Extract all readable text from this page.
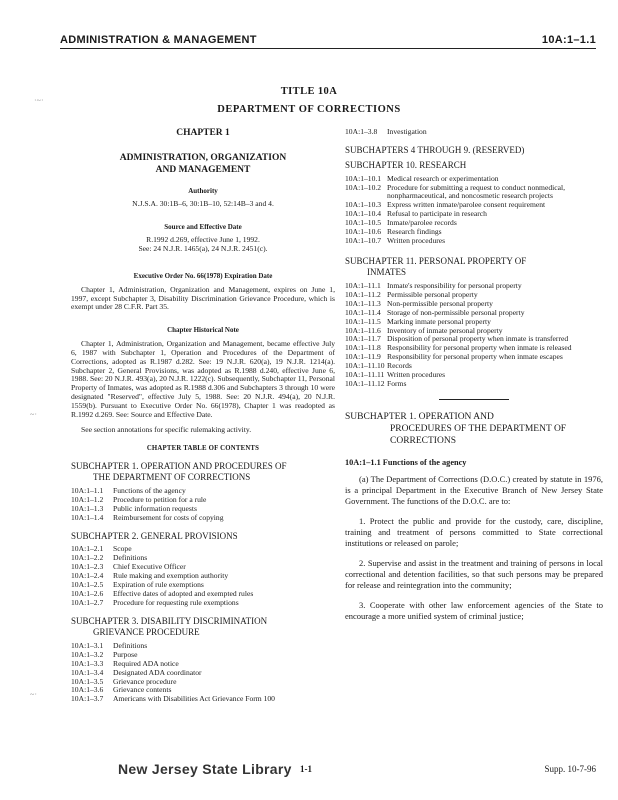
ADMINISTRATION & MANAGEMENT	10A:1–1.1
TITLE 10A
DEPARTMENT OF CORRECTIONS
CHAPTER 1
ADMINISTRATION, ORGANIZATION
AND MANAGEMENT
Authority
N.J.S.A. 30:1B–6, 30:1B–10, 52:14B–3 and 4.
Source and Effective Date
R.1992 d.269, effective June 1, 1992.
See: 24 N.J.R. 1465(a), 24 N.J.R. 2451(c).
Executive Order No. 66(1978) Expiration Date
Chapter 1, Administration, Organization and Management, expires on June 1, 1997, except Subchapter 3, Disability Discrimination Grievance Procedure, which is exempt under 28 C.F.R. Part 35.
Chapter Historical Note
Chapter 1, Administration, Organization and Management, became effective July 6, 1987 with Subchapter 1, Operation and Procedures of the Department of Corrections, adopted as R.1987 d.282. See: 19 N.J.R. 620(a), 19 N.J.R. 1214(a). Subchapter 2, General Provisions, was adopted as R.1988 d.240, effective June 6, 1988. See: 20 N.J.R. 493(a), 20 N.J.R. 1222(c). Subsequently, Subchapter 11, Personal Property of Inmates, was adopted as R.1988 d.306 and Subchapters 3 through 10 were designated "Reserved", effective July 5, 1988. See: 20 N.J.R. 494(a), 20 N.J.R. 1559(b). Pursuant to Executive Order No. 66(1978), Chapter 1 was readopted as R.1992 d.269. See: Source and Effective Date.
See section annotations for specific rulemaking activity.
CHAPTER TABLE OF CONTENTS
SUBCHAPTER 1. OPERATION AND PROCEDURES OF
THE DEPARTMENT OF CORRECTIONS
10A:1–1.1	Functions of the agency
10A:1–1.2	Procedure to petition for a rule
10A:1–1.3	Public information requests
10A:1–1.4	Reimbursement for costs of copying
SUBCHAPTER 2. GENERAL PROVISIONS
10A:1–2.1	Scope
10A:1–2.2	Definitions
10A:1–2.3	Chief Executive Officer
10A:1–2.4	Rule making and exemption authority
10A:1–2.5	Expiration of rule exemptions
10A:1–2.6	Effective dates of adopted and exempted rules
10A:1–2.7	Procedure for requesting rule exemptions
SUBCHAPTER 3. DISABILITY DISCRIMINATION
GRIEVANCE PROCEDURE
10A:1–3.1	Definitions
10A:1–3.2	Purpose
10A:1–3.3	Required ADA notice
10A:1–3.4	Designated ADA coordinator
10A:1–3.5	Grievance procedure
10A:1–3.6	Grievance contents
10A:1–3.7	Americans with Disabilities Act Grievance Form 100
10A:1–3.8	Investigation
SUBCHAPTERS 4 THROUGH 9. (RESERVED)
SUBCHAPTER 10. RESEARCH
10A:1–10.1 Medical research or experimentation
10A:1–10.2 Procedure for submitting a request to conduct nonmedical, nonpharmaceutical, and noncosmetic research projects
10A:1–10.3 Express written inmate/parolee consent requirement
10A:1–10.4 Refusal to participate in research
10A:1–10.5 Inmate/parolee records
10A:1–10.6 Research findings
10A:1–10.7 Written procedures
SUBCHAPTER 11. PERSONAL PROPERTY OF
INMATES
10A:1–11.1 Inmate's responsibility for personal property
10A:1–11.2 Permissible personal property
10A:1–11.3 Non-permissible personal property
10A:1–11.4 Storage of non-permissible personal property
10A:1–11.5 Marking inmate personal property
10A:1–11.6 Inventory of inmate personal property
10A:1–11.7 Disposition of personal property when inmate is transferred
10A:1–11.8 Responsibility for personal property when inmate is released
10A:1–11.9 Responsibility for personal property when inmate escapes
10A:1–11.10 Records
10A:1–11.11 Written procedures
10A:1–11.12 Forms
SUBCHAPTER 1. OPERATION AND
PROCEDURES OF THE DEPARTMENT OF
CORRECTIONS
10A:1–1.1 Functions of the agency
(a) The Department of Corrections (D.O.C.) created by statute in 1976, is a principal Department in the Executive Branch of New Jersey State Government. The functions of the D.O.C. are to:
1. Protect the public and provide for the custody, care, discipline, training and treatment of persons committed to State correctional institutions or released on parole;
2. Supervise and assist in the treatment and training of persons in local correctional and detention facilities, so that such persons may be prepared for release and reintegration into the community;
3. Cooperate with other law enforcement agencies of the State to encourage a more unified system of criminal justice;
·~·
~·
~·
New Jersey State Library 1-1	Supp. 10-7-96
